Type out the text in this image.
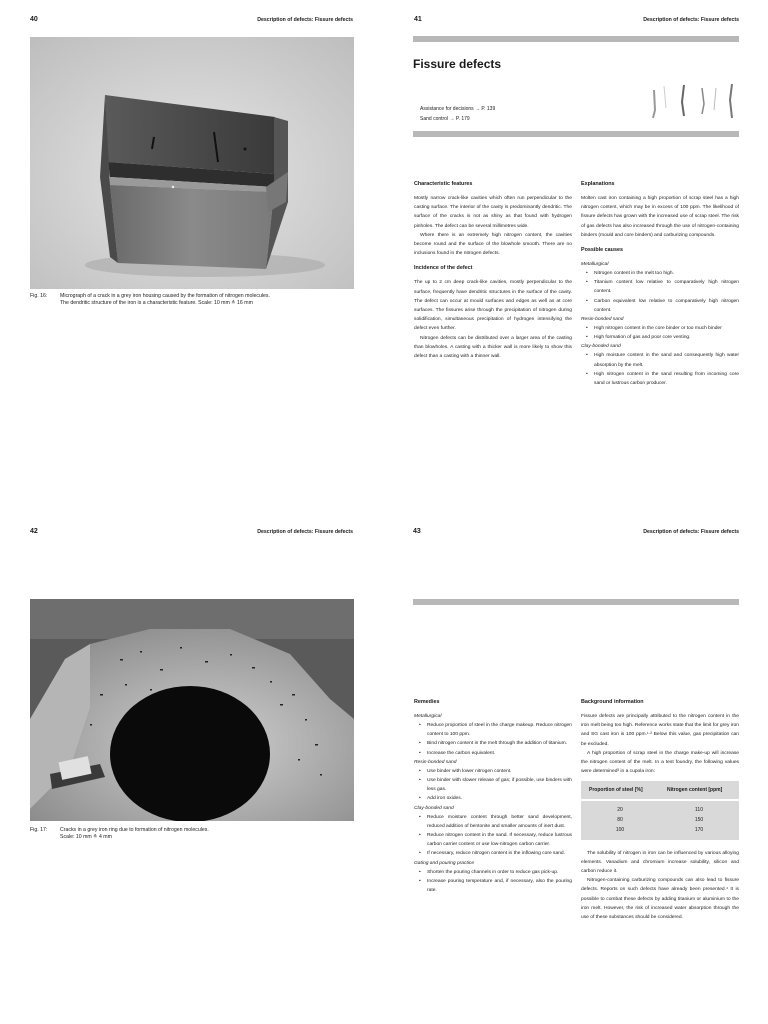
40	Description of defects: Fissure defects
Fig. 16: Micrograph of a crack in a grey iron housing caused by the formation of nitrogen molecules.
The dendritic structure of the iron is a characteristic feature. Scale: 10 mm ≙ 16 mm
41	Description of defects: Fissure defects
Fissure defects
Assistance for decisions → P. 139
Sand control → P. 179
Characteristic features

Mostly narrow crack-like cavities which often run perpendicular to the casting surface. The interior of the cavity is predominantly dendritic. The surface of the cracks is not as shiny as that found with hydrogen pinholes. The defect can be several millimetres wide.

Where there is an extremely high nitrogen content, the cavities become round and the surface of the blowhole smooth. There are no inclusions found in the nitrogen defects.

Incidence of the defect

The up to 2 cm deep crack-like cavities, mostly perpendicular to the surface, frequently have dendritic structures in the surface of the cavity. The defect can occur at mould surfaces and edges as well as at core surfaces. The fissures arise through the precipitation of nitrogen during solidification, simultaneous precipitation of hydrogen intensifying the defect even further.

Nitrogen defects can be distributed over a larger area of the casting than blowholes. A casting with a thicker wall is more likely to show this defect than a casting with a thinner wall.

Explanations

Molten cast iron containing a high proportion of scrap steel has a high nitrogen content, which may be in excess of 100 ppm. The likelihood of fissure defects has grown with the increased use of scrap steel. The risk of gas defects has also increased through the use of nitrogen-containing binders (mould and core binders) and carburizing compounds.

Possible causes
Metallurgical
• Nitrogen content in the melt too high.
• Titanium content low relative to comparatively high nitrogen content.
• Carbon equivalent low relative to comparatively high nitrogen content.
Resin-bonded sand
• High nitrogen content in the core binder or too much binder
• High formation of gas and poor core venting.
Clay-bonded sand
• High moisture content in the sand and consequently high water absorption by the melt.
• High nitrogen content in the sand resulting from incoming core sand or lustrous carbon producer.
42	Description of defects: Fissure defects
Fig. 17: Cracks in a grey iron ring due to formation of nitrogen molecules.
Scale: 10 mm ≙ 4 mm
43	Description of defects: Fissure defects
Remedies
Metallurgical
• Reduce proportion of steel in the charge makeup. Reduce nitrogen content to 100 ppm.
• Bind nitrogen content in the melt through the addition of titanium.
• Increase the carbon equivalent.
Resin-bonded sand
• Use binder with lower nitrogen content.
• Use binder with slower release of gas; if possible, use binders with less gas.
• Add iron oxides.
Clay-bonded sand
• Reduce moisture content through better sand development, reduced addition of bentonite and smaller amounts of inert dust.
• Reduce nitrogen content in the sand. If necessary, reduce lustrous carbon carrier content or use low-nitrogen carbon carrier.
• If necessary, reduce nitrogen content in the inflowing core sand.
Gating and pouring practice
• Shorten the pouring channels in order to reduce gas pick-up.
• Increase pouring temperature and, if necessary, also the pouring rate.
Background information

Fissure defects are principally attributed to the nitrogen content in the iron melt being too high. Reference works state that the limit for grey iron and SG cast iron is 100 ppm.¹·² Below this value, gas precipitation can be excluded.

A high proportion of scrap steel in the charge make-up will increase the nitrogen content of the melt. In a test foundry, the following values were determined³ in a cupola iron:

Proportion of steel [%]	Nitrogen content [ppm]
20	110
80	150
100	170

The solubility of nitrogen in iron can be influenced by various alloying elements. Vanadium and chromium increase solubility, silicon and carbon reduce it.

Nitrogen-containing carburizing compounds can also lead to fissure defects. Reports on such defects have already been presented.⁴ It is possible to combat these defects by adding titanium or aluminium to the iron melt. However, the risk of increased water absorption through the use of these substances should be considered.
